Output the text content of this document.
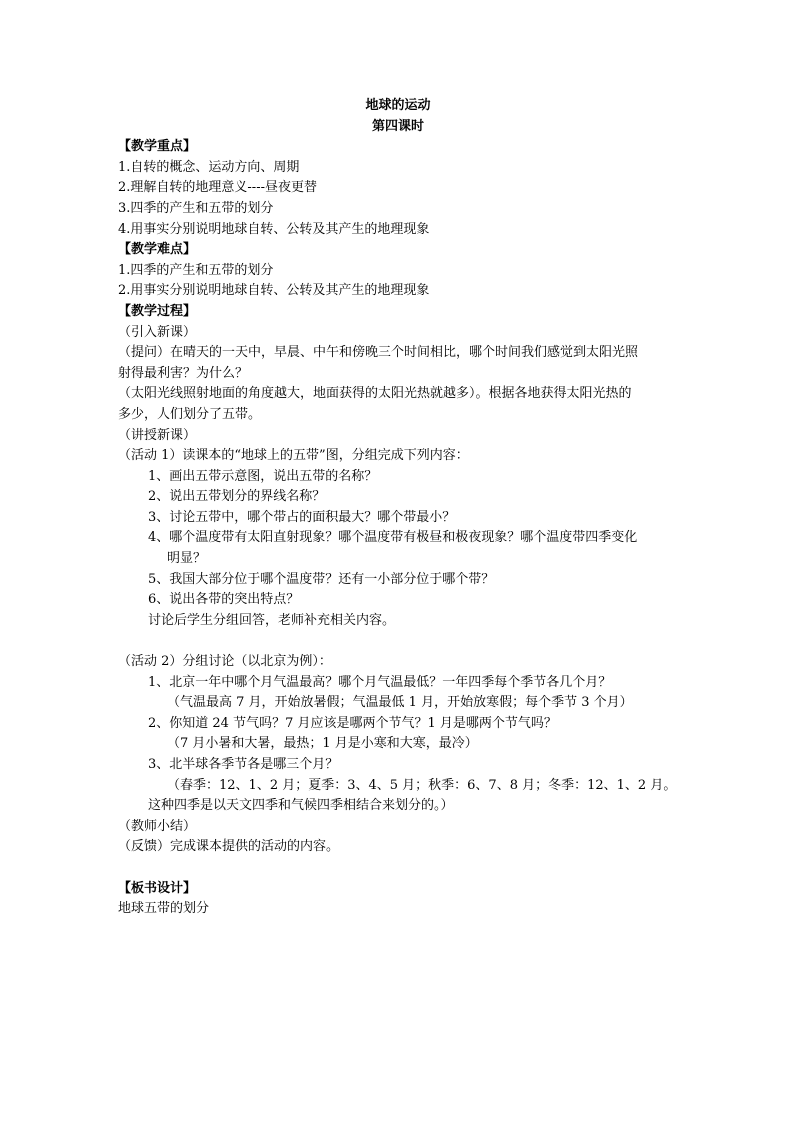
地球的运动
第四课时
【教学重点】
1.自转的概念、运动方向、周期
2.理解自转的地理意义----昼夜更替
3.四季的产生和五带的划分
4.用事实分别说明地球自转、公转及其产生的地理现象
【教学难点】
1.四季的产生和五带的划分
2.用事实分别说明地球自转、公转及其产生的地理现象
【教学过程】
（引入新课）
（提问）在晴天的一天中，早晨、中午和傍晚三个时间相比，哪个时间我们感觉到太阳光照
射得最利害？为什么？
（太阳光线照射地面的角度越大，地面获得的太阳光热就越多）。根据各地获得太阳光热的
多少，人们划分了五带。
（讲授新课）
（活动 1）读课本的“地球上的五带”图，分组完成下列内容：
1、画出五带示意图，说出五带的名称？
2、说出五带划分的界线名称？
3、讨论五带中，哪个带占的面积最大？哪个带最小？
4、哪个温度带有太阳直射现象？哪个温度带有极昼和极夜现象？哪个温度带四季变化
明显？
5、我国大部分位于哪个温度带？还有一小部分位于哪个带？
6、说出各带的突出特点？
讨论后学生分组回答，老师补充相关内容。
（活动 2）分组讨论（以北京为例）：
1、北京一年中哪个月气温最高？哪个月气温最低？一年四季每个季节各几个月？
（气温最高 7 月，开始放暑假；气温最低 1 月，开始放寒假；每个季节 3 个月）
2、你知道 24 节气吗？7 月应该是哪两个节气？1 月是哪两个节气吗？
（7 月小暑和大暑，最热；1 月是小寒和大寒，最冷）
3、北半球各季节各是哪三个月？
（春季：12、1、2 月；夏季：3、4、5 月；秋季：6、7、8 月；冬季：12、1、2 月。
这种四季是以天文四季和气候四季相结合来划分的。）
（教师小结）
（反馈）完成课本提供的活动的内容。
【板书设计】
地球五带的划分
